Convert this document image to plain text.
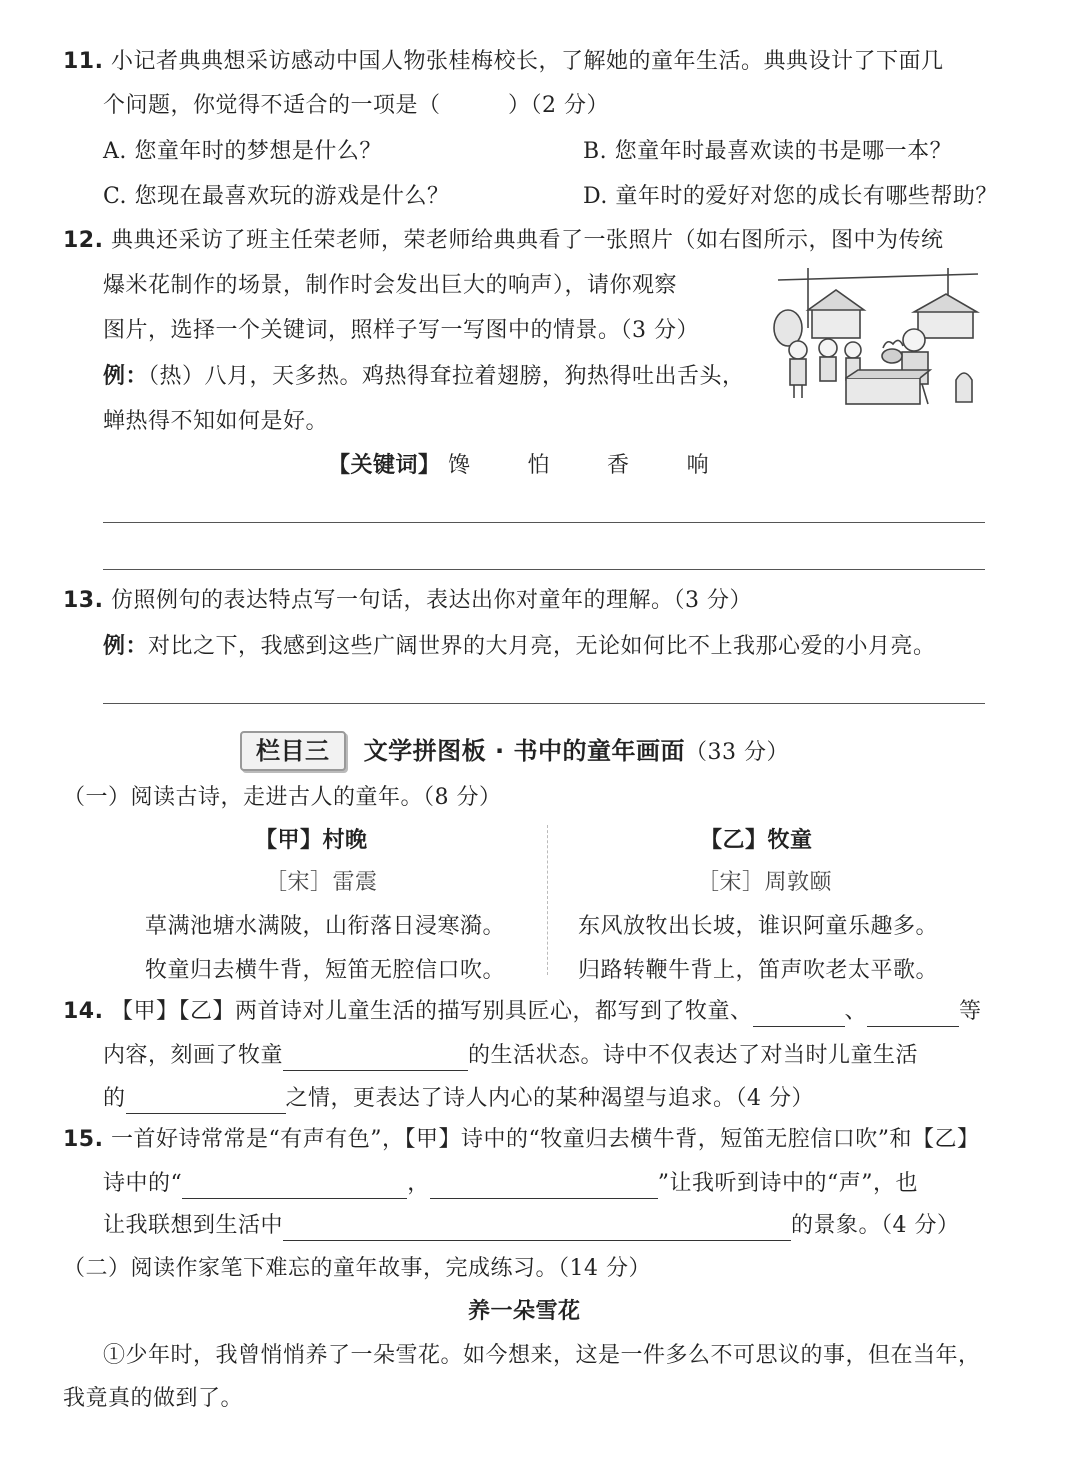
11. 小记者典典想采访感动中国人物张桂梅校长，了解她的童年生活。典典设计了下面几
个问题，你觉得不适合的一项是（　　　）（2 分）
A. 您童年时的梦想是什么？	B. 您童年时最喜欢读的书是哪一本？
C. 您现在最喜欢玩的游戏是什么？	D. 童年时的爱好对您的成长有哪些帮助？
12. 典典还采访了班主任荣老师，荣老师给典典看了一张照片（如右图所示，图中为传统
爆米花制作的场景，制作时会发出巨大的响声），请你观察
图片，选择一个关键词，照样子写一写图中的情景。（3 分）
例：（热）八月，天多热。鸡热得耷拉着翅膀，狗热得吐出舌头，
蝉热得不知如何是好。
【关键词】 馋	怕	香	响
13. 仿照例句的表达特点写一句话，表达出你对童年的理解。（3 分）
例：对比之下，我感到这些广阔世界的大月亮，无论如何比不上我那心爱的小月亮。
栏目三 文学拼图板 · 书中的童年画面（33 分）
（一）阅读古诗，走进古人的童年。（8 分）
【甲】村晚
［宋］雷震
草满池塘水满陂，山衔落日浸寒漪。
牧童归去横牛背，短笛无腔信口吹。
【乙】牧童
［宋］周敦颐
东风放牧出长坡，谁识阿童乐趣多。
归路转鞭牛背上，笛声吹老太平歌。
14. 【甲】【乙】两首诗对儿童生活的描写别具匠心，都写到了牧童、	、	等
内容，刻画了牧童	的生活状态。诗中不仅表达了对当时儿童生活
的	之情，更表达了诗人内心的某种渴望与追求。（4 分）
15. 一首好诗常常是“有声有色”，【甲】诗中的“牧童归去横牛背，短笛无腔信口吹”和【乙】
诗中的“	，	”让我听到诗中的“声”，也
让我联想到生活中	的景象。（4 分）
（二）阅读作家笔下难忘的童年故事，完成练习。（14 分）
养一朵雪花
①少年时，我曾悄悄养了一朵雪花。如今想来，这是一件多么不可思议的事，但在当年，
我竟真的做到了。
